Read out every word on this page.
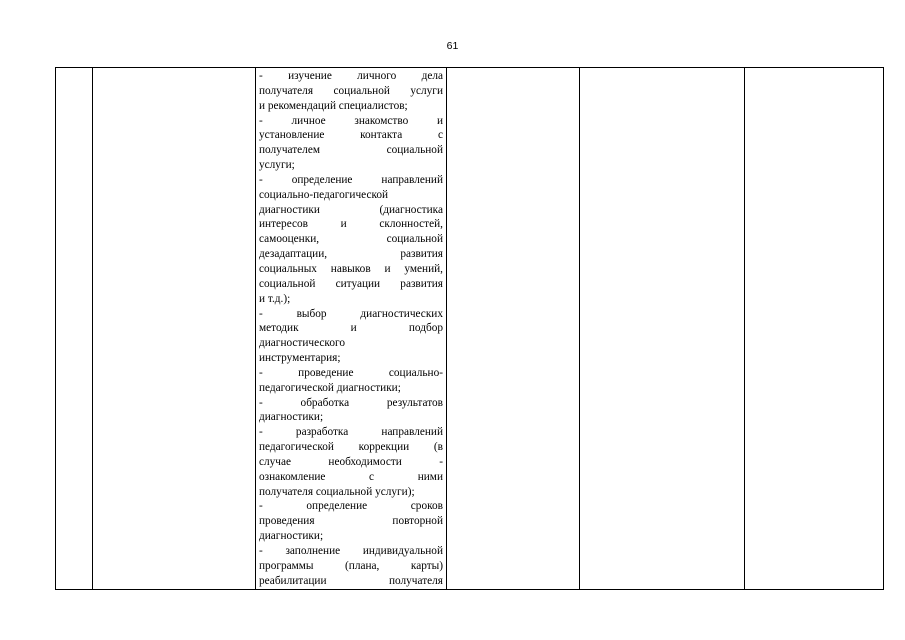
61

- изучение личного дела
получателя социальной услуги
и рекомендаций специалистов;
- личное знакомство и
установление контакта с
получателем социальной
услуги;
- определение направлений
социально-педагогической
диагностики (диагностика
интересов и склонностей,
самооценки, социальной
дезадаптации, развития
социальных навыков и умений,
социальной ситуации развития
и т.д.);
- выбор диагностических
методик и подбор
диагностического
инструментария;
- проведение социально-
педагогической диагностики;
- обработка результатов
диагностики;
- разработка направлений
педагогической коррекции (в
случае необходимости -
ознакомление с ними
получателя социальной услуги);
- определение сроков
проведения повторной
диагностики;
- заполнение индивидуальной
программы (плана, карты)
реабилитации получателя
